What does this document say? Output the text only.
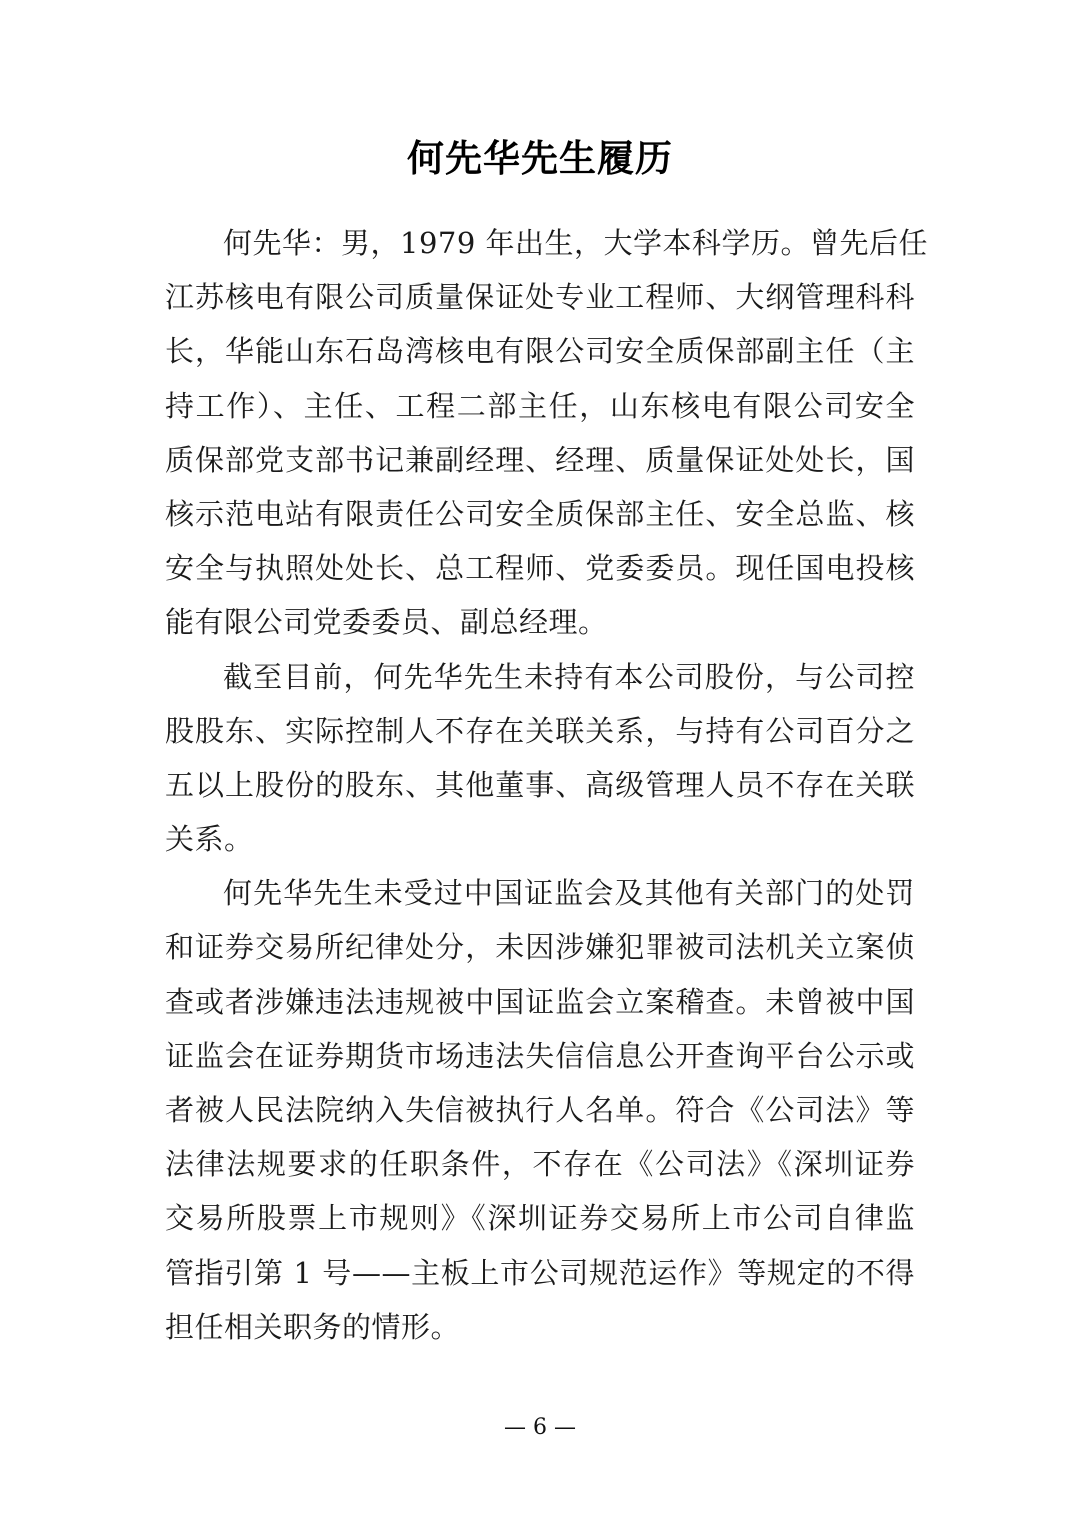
何先华先生履历
何先华：男，1979 年出生，大学本科学历。曾先后任
江苏核电有限公司质量保证处专业工程师、大纲管理科科
长，华能山东石岛湾核电有限公司安全质保部副主任（主
持工作）、主任、工程二部主任，山东核电有限公司安全
质保部党支部书记兼副经理、经理、质量保证处处长，国
核示范电站有限责任公司安全质保部主任、安全总监、核
安全与执照处处长、总工程师、党委委员。现任国电投核
能有限公司党委委员、副总经理。
截至目前，何先华先生未持有本公司股份，与公司控
股股东、实际控制人不存在关联关系，与持有公司百分之
五以上股份的股东、其他董事、高级管理人员不存在关联
关系。
何先华先生未受过中国证监会及其他有关部门的处罚
和证券交易所纪律处分，未因涉嫌犯罪被司法机关立案侦
查或者涉嫌违法违规被中国证监会立案稽查。未曾被中国
证监会在证券期货市场违法失信信息公开查询平台公示或
者被人民法院纳入失信被执行人名单。符合《公司法》等
法律法规要求的任职条件，不存在《公司法》《深圳证券
交易所股票上市规则》《深圳证券交易所上市公司自律监
管指引第 1 号——主板上市公司规范运作》等规定的不得
担任相关职务的情形。
— 6 —
